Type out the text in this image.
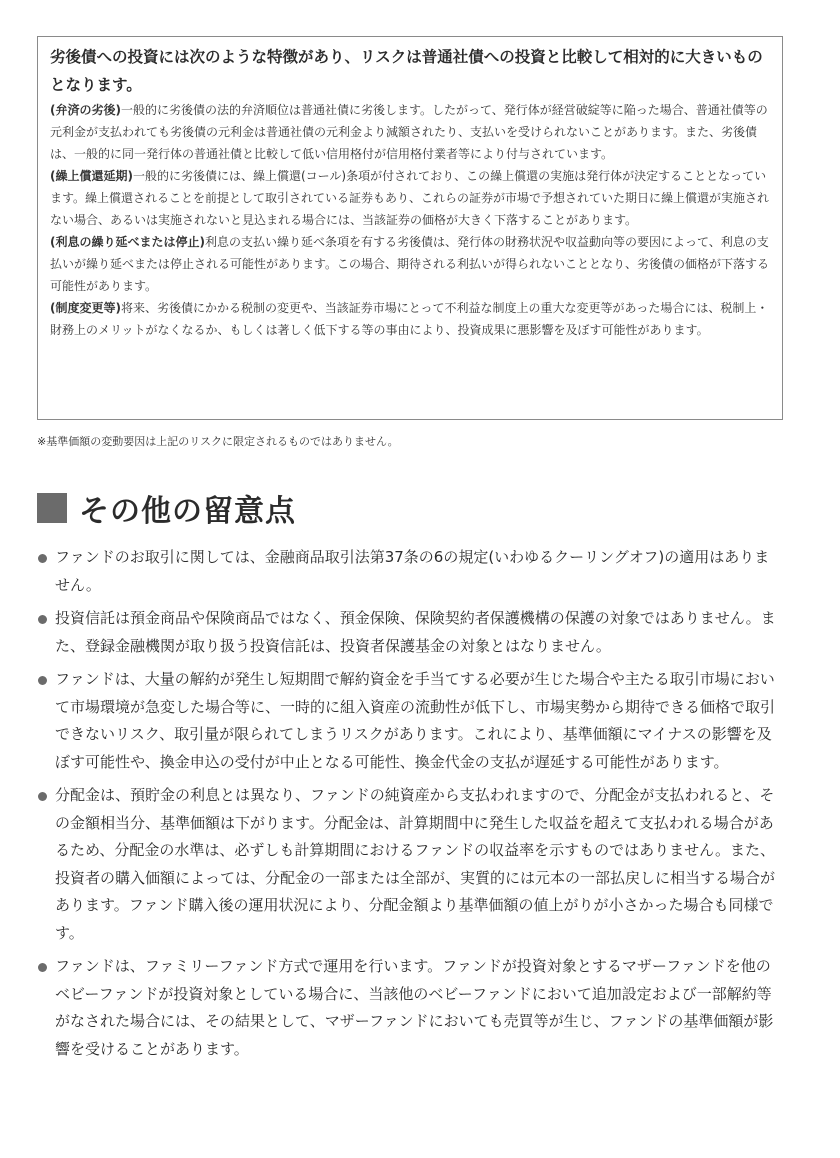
劣後債への投資には次のような特徴があり、リスクは普通社債への投資と比較して相対的に大きいものとなります。

(弁済の劣後)一般的に劣後債の法的弁済順位は普通社債に劣後します。したがって、発行体が経営破綻等に陥った場合、普通社債等の元利金が支払われても劣後債の元利金は普通社債の元利金より減額されたり、支払いを受けられないことがあります。また、劣後債は、一般的に同一発行体の普通社債と比較して低い信用格付が信用格付業者等により付与されています。

(繰上償還延期)一般的に劣後債には、繰上償還(コール)条項が付されており、この繰上償還の実施は発行体が決定することとなっています。繰上償還されることを前提として取引されている証券もあり、これらの証券が市場で予想されていた期日に繰上償還が実施されない場合、あるいは実施されないと見込まれる場合には、当該証券の価格が大きく下落することがあります。

(利息の繰り延べまたは停止)利息の支払い繰り延べ条項を有する劣後債は、発行体の財務状況や収益動向等の要因によって、利息の支払いが繰り延べまたは停止される可能性があります。この場合、期待される利払いが得られないこととなり、劣後債の価格が下落する可能性があります。

(制度変更等)将来、劣後債にかかる税制の変更や、当該証券市場にとって不利益な制度上の重大な変更等があった場合には、税制上・財務上のメリットがなくなるか、もしくは著しく低下する等の事由により、投資成果に悪影響を及ぼす可能性があります。

※基準価額の変動要因は上記のリスクに限定されるものではありません。

その他の留意点
ファンドのお取引に関しては、金融商品取引法第37条の6の規定(いわゆるクーリングオフ)の適用はありません。
投資信託は預金商品や保険商品ではなく、預金保険、保険契約者保護機構の保護の対象ではありません。また、登録金融機関が取り扱う投資信託は、投資者保護基金の対象とはなりません。
ファンドは、大量の解約が発生し短期間で解約資金を手当てする必要が生じた場合や主たる取引市場において市場環境が急変した場合等に、一時的に組入資産の流動性が低下し、市場実勢から期待できる価格で取引できないリスク、取引量が限られてしまうリスクがあります。これにより、基準価額にマイナスの影響を及ぼす可能性や、換金申込の受付が中止となる可能性、換金代金の支払が遅延する可能性があります。
分配金は、預貯金の利息とは異なり、ファンドの純資産から支払われますので、分配金が支払われると、その金額相当分、基準価額は下がります。分配金は、計算期間中に発生した収益を超えて支払われる場合があるため、分配金の水準は、必ずしも計算期間におけるファンドの収益率を示すものではありません。また、投資者の購入価額によっては、分配金の一部または全部が、実質的には元本の一部払戻しに相当する場合があります。ファンド購入後の運用状況により、分配金額より基準価額の値上がりが小さかった場合も同様です。
ファンドは、ファミリーファンド方式で運用を行います。ファンドが投資対象とするマザーファンドを他のベビーファンドが投資対象としている場合に、当該他のベビーファンドにおいて追加設定および一部解約等がなされた場合には、その結果として、マザーファンドにおいても売買等が生じ、ファンドの基準価額が影響を受けることがあります。
